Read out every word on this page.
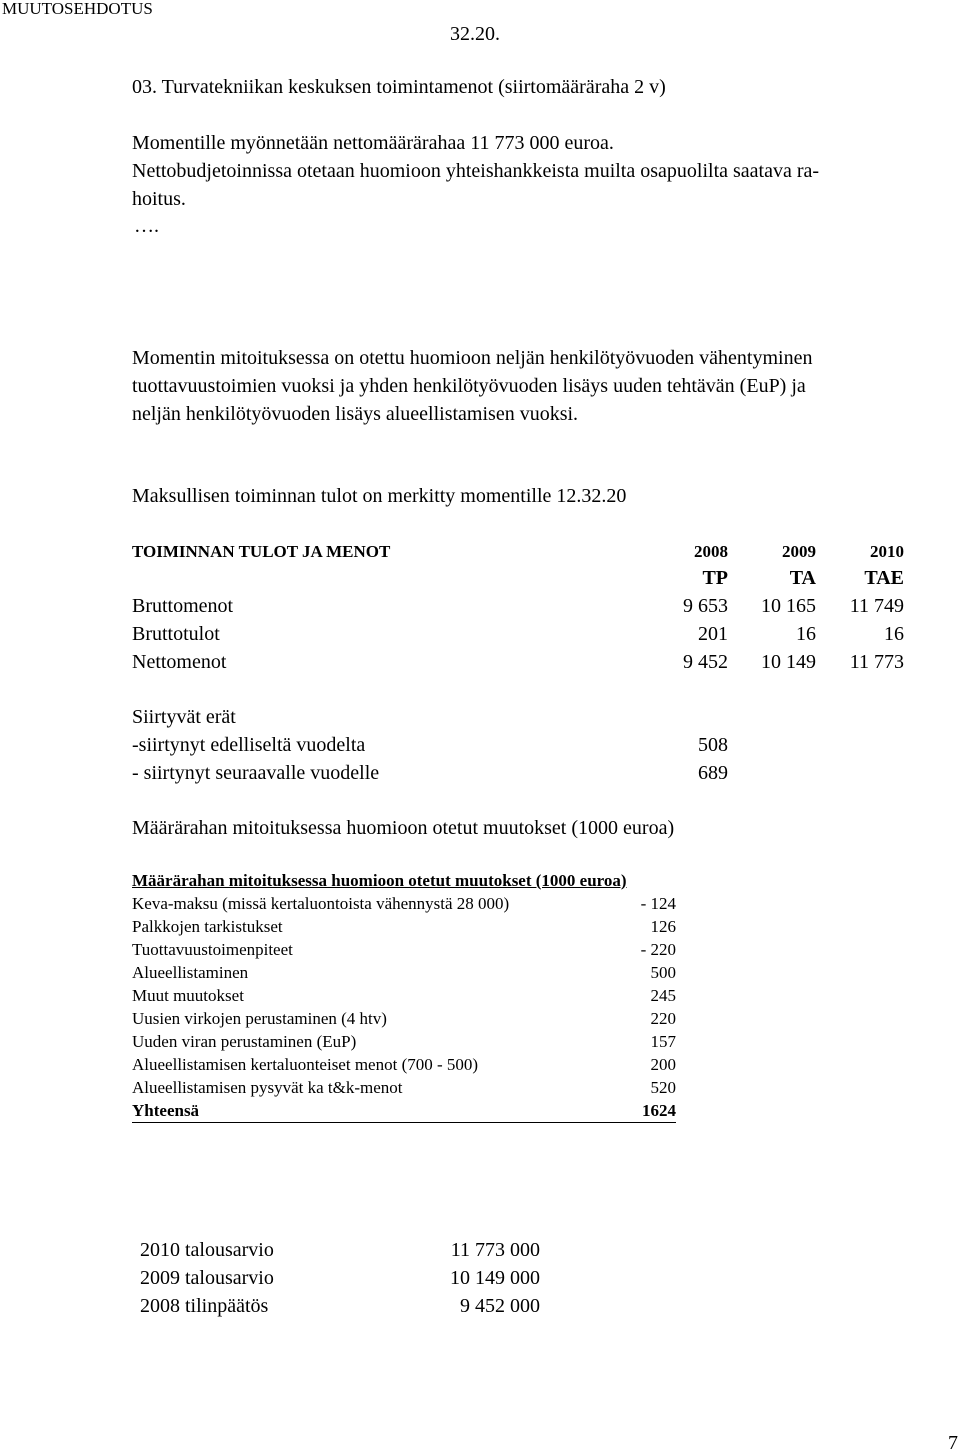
MUUTOSEHDOTUS
32.20.
03. Turvatekniikan keskuksen toimintamenot (siirtomääräraha 2 v)
Momentille myönnetään nettomäärärahaa 11 773 000 euroa.
Nettobudjetoinnissa otetaan huomioon yhteishankkeista muilta osapuolilta saatava ra-
hoitus.
….
Momentin mitoituksessa on otettu huomioon neljän henkilötyövuoden vähentyminen
tuottavuustoimien vuoksi ja yhden henkilötyövuoden lisäys uuden tehtävän (EuP) ja
neljän henkilötyövuoden lisäys alueellistamisen vuoksi.
Maksullisen toiminnan tulot on merkitty momentille 12.32.20
TOIMINNAN TULOT JA MENOT	2008	2009	2010
TP	TA	TAE
Bruttomenot	9 653	10 165	11 749
Bruttotulot	201	16	16
Nettomenot	9 452	10 149	11 773
Siirtyvät erät
-siirtynyt edelliseltä vuodelta	508
- siirtynyt seuraavalle vuodelle	689
Määrärahan mitoituksessa huomioon otetut muutokset (1000 euroa)
Määrärahan mitoituksessa huomioon otetut muutokset (1000 euroa)
Keva-maksu (missä kertaluontoista vähennystä 28 000)	- 124
Palkkojen tarkistukset	126
Tuottavuustoimenpiteet	- 220
Alueellistaminen	500
Muut muutokset	245
Uusien virkojen perustaminen (4 htv)	220
Uuden viran perustaminen (EuP)	157
Alueellistamisen kertaluonteiset menot (700 - 500)	200
Alueellistamisen pysyvät ka t&k-menot	520
Yhteensä	1624
2010 talousarvio	11 773 000
2009 talousarvio	10 149 000
2008 tilinpäätös	9 452 000
7
